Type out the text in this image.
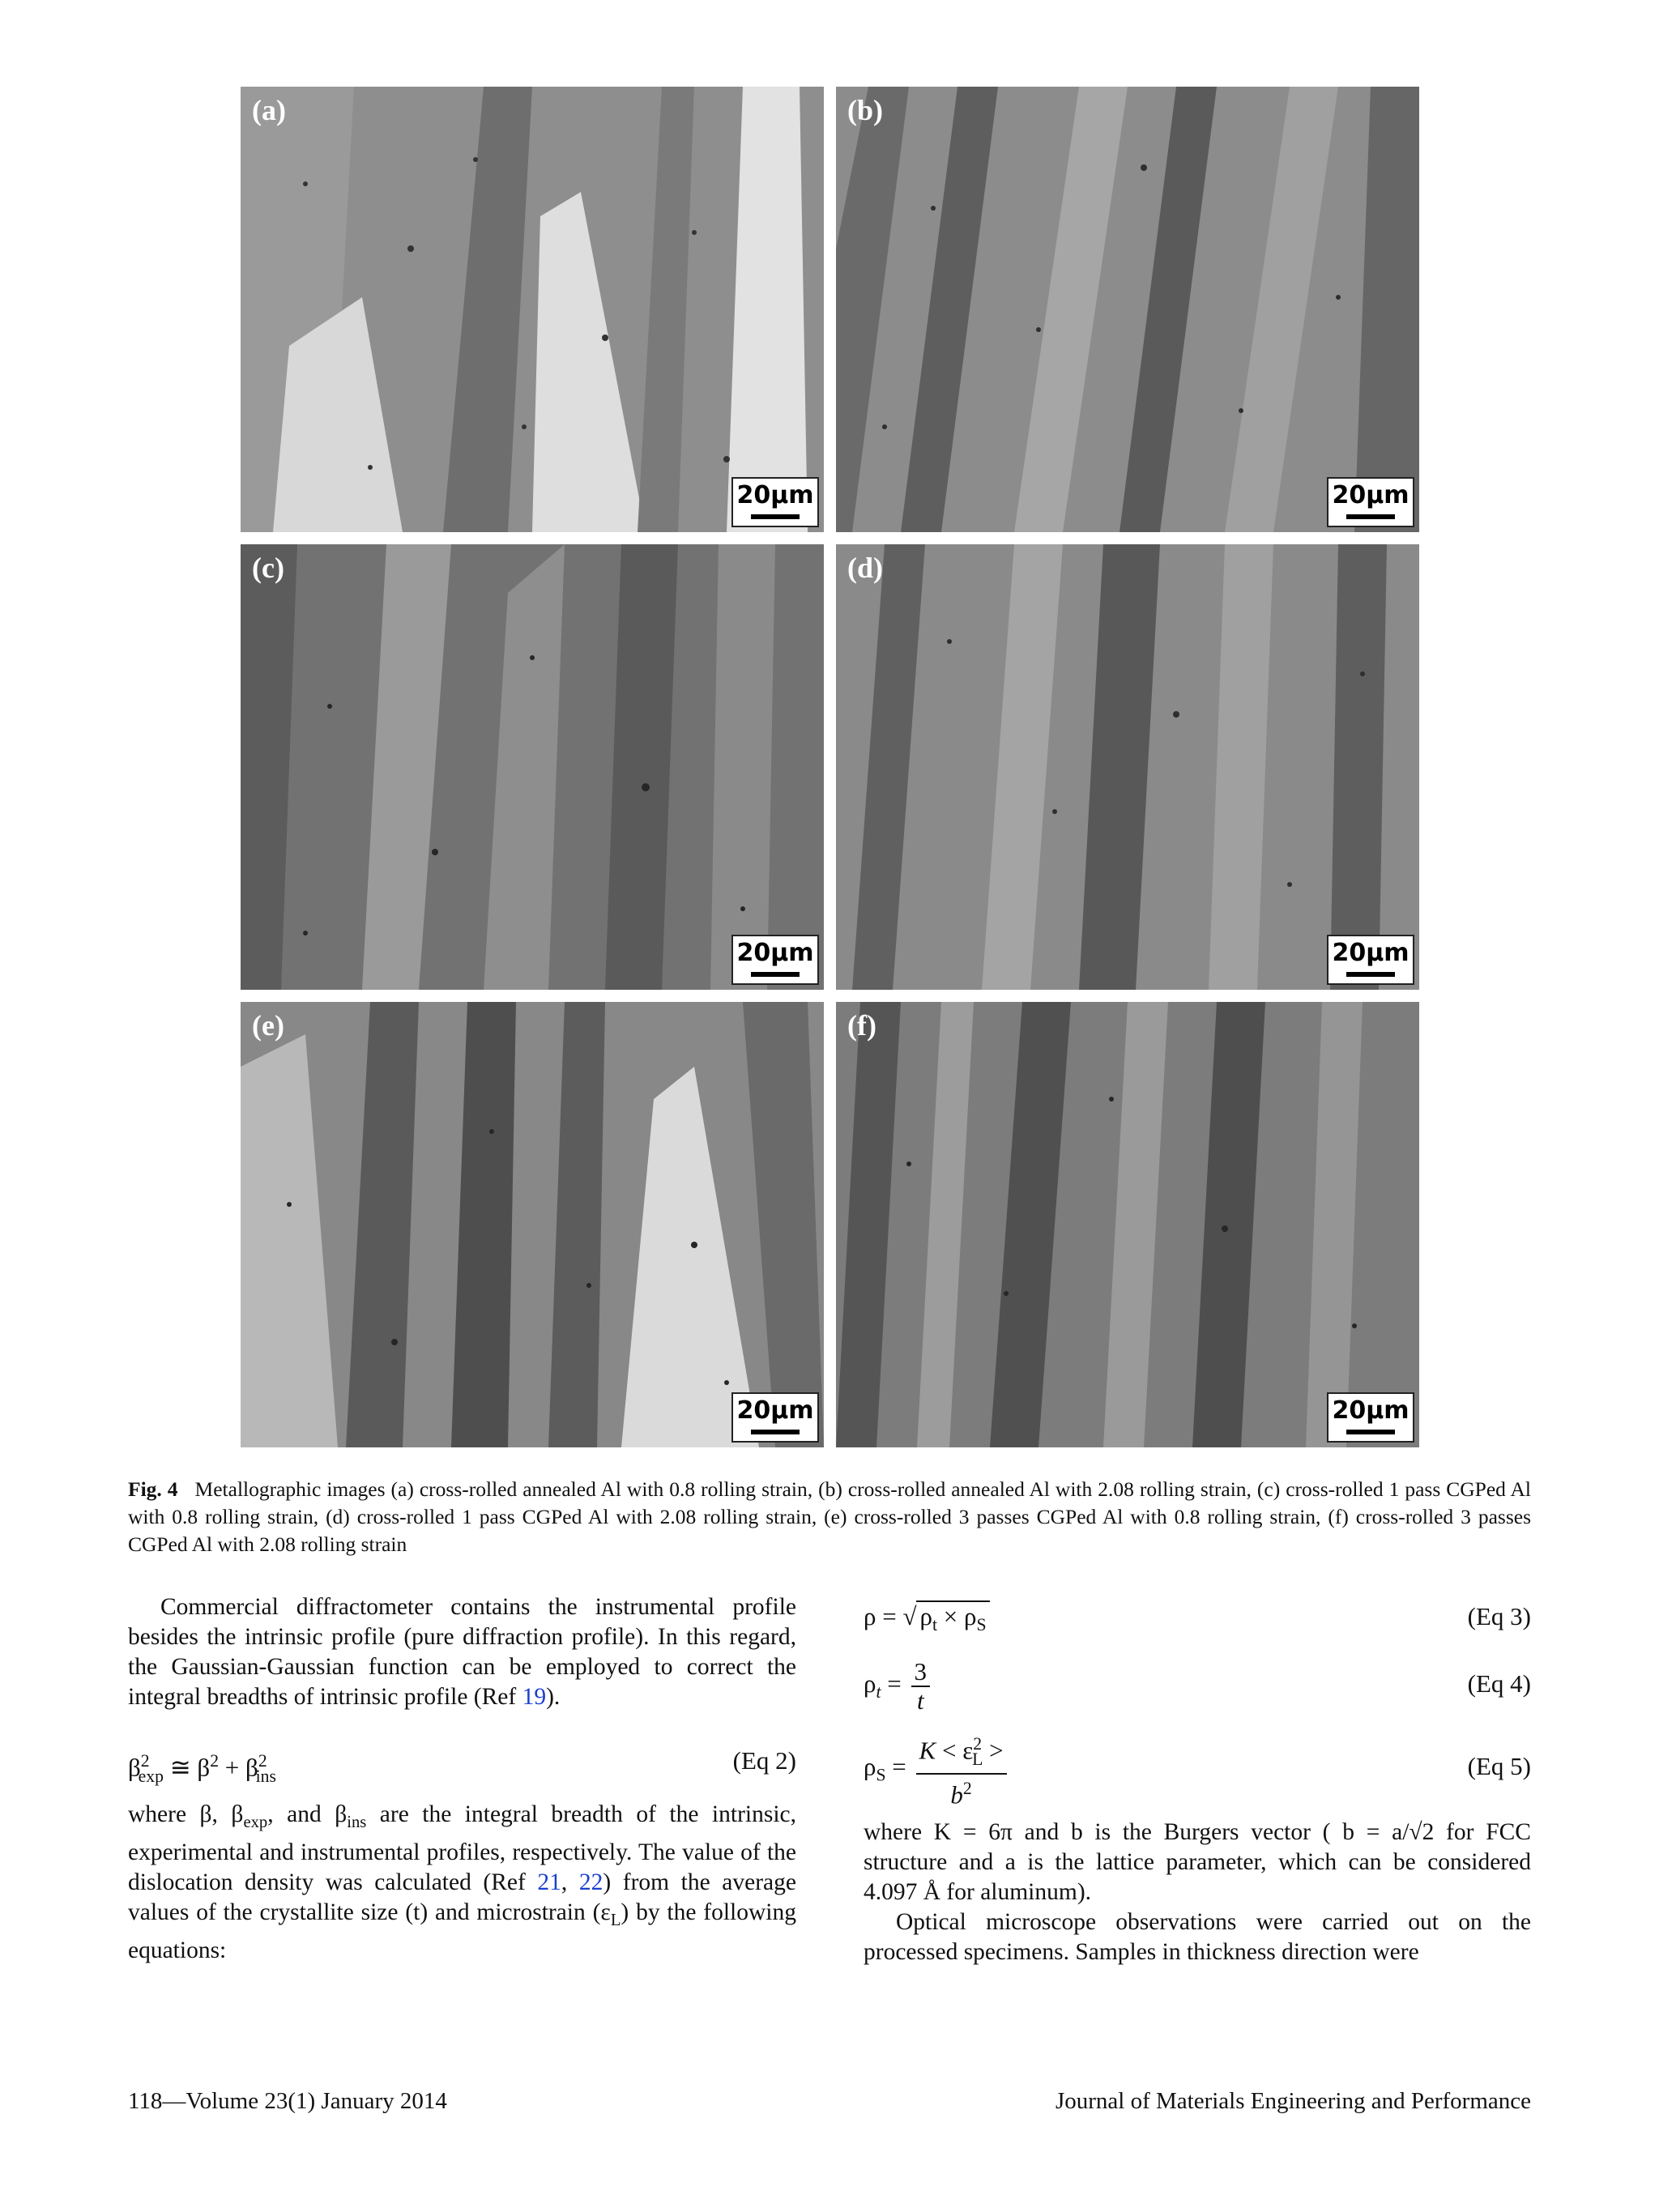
(a)
20µm
(b)
20µm
(c)
20µm
(d)
20µm
(e)
20µm
(f)
20µm
Fig. 4 Metallographic images (a) cross-rolled annealed Al with 0.8 rolling strain, (b) cross-rolled annealed Al with 2.08 rolling strain, (c) cross-rolled 1 pass CGPed Al with 0.8 rolling strain, (d) cross-rolled 1 pass CGPed Al with 2.08 rolling strain, (e) cross-rolled 3 passes CGPed Al with 0.8 rolling strain, (f) cross-rolled 3 passes CGPed Al with 2.08 rolling strain

Commercial diffractometer contains the instrumental profile besides the intrinsic profile (pure diffraction profile). In this regard, the Gaussian-Gaussian function can be employed to correct the integral breadths of intrinsic profile (Ref 19).

$\beta^2_{exp}$ ≅ $\beta^2 + \beta^2_{ins}$
(Eq 2)

where β, $\beta_{exp}$, and $\beta_{ins}$ are the integral breadth of the intrinsic, experimental and instrumental profiles, respectively. The value of the dislocation density was calculated (Ref 21, 22) from the average values of the crystallite size (t) and microstrain $(\varepsilon_L)$ by the following equations:

ρ = √ $\rho_t \times \rho_S$	(Eq 3)
$\rho_t = \frac{3}{t}$	(Eq 4)
$\rho_S = \frac{K < \varepsilon^2_L >}{b^2}$	(Eq 5)

where K = 6π and b is the Burgers vector ( b = a/√2 for FCC structure and a is the lattice parameter, which can be considered 4.097 Å for aluminum).

Optical microscope observations were carried out on the processed specimens. Samples in thickness direction were

118—Volume 23(1) January 2014	Journal of Materials Engineering and Performance
